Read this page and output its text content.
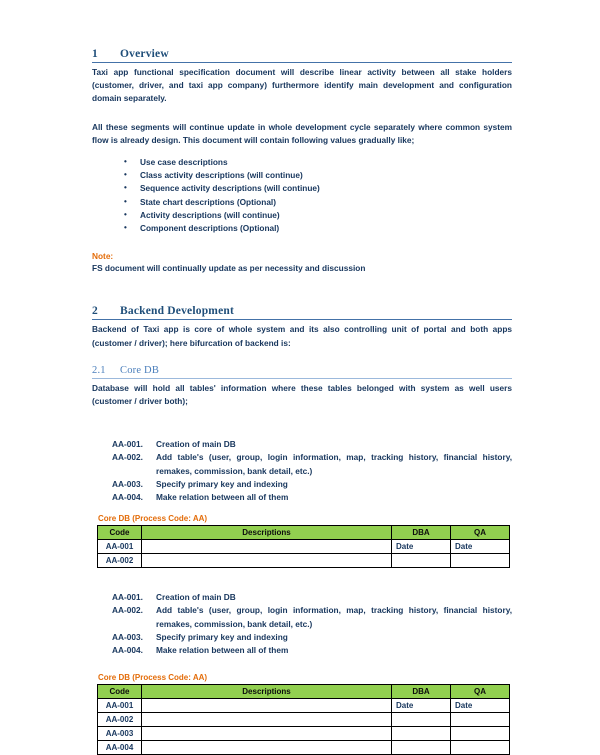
1 Overview

Taxi app functional specification document will describe linear activity between all stake holders (customer, driver, and taxi app company) furthermore identify main development and configuration domain separately.

All these segments will continue update in whole development cycle separately where common system flow is already design. This document will contain following values gradually like;

• Use case descriptions
• Class activity descriptions (will continue)
• Sequence activity descriptions (will continue)
• State chart descriptions (Optional)
• Activity descriptions (will continue)
• Component descriptions (Optional)
Note:
FS document will continually update as per necessity and discussion
2 Backend Development

Backend of Taxi app is core of whole system and its also controlling unit of portal and both apps (customer / driver); here bifurcation of backend is:

2.1 Core DB

Database will hold all tables' information where these tables belonged with system as well users (customer / driver both);

AA-001.	Creation of main DB
AA-002.	Add table's (user, group, login information, map, tracking history, financial history, remakes, commission, bank detail, etc.)
AA-003.	Specify primary key and indexing
AA-004.	Make relation between all of them
Core DB (Process Code: AA)
Code	Descriptions	DBA	QA
AA-001		Date	Date
AA-002			
AA-001.	Creation of main DB
AA-002.	Add table's (user, group, login information, map, tracking history, financial history, remakes, commission, bank detail, etc.)
AA-003.	Specify primary key and indexing
AA-004.	Make relation between all of them
Core DB (Process Code: AA)
Code	Descriptions	DBA	QA
AA-001		Date	Date
AA-002			
AA-003			
AA-004			
